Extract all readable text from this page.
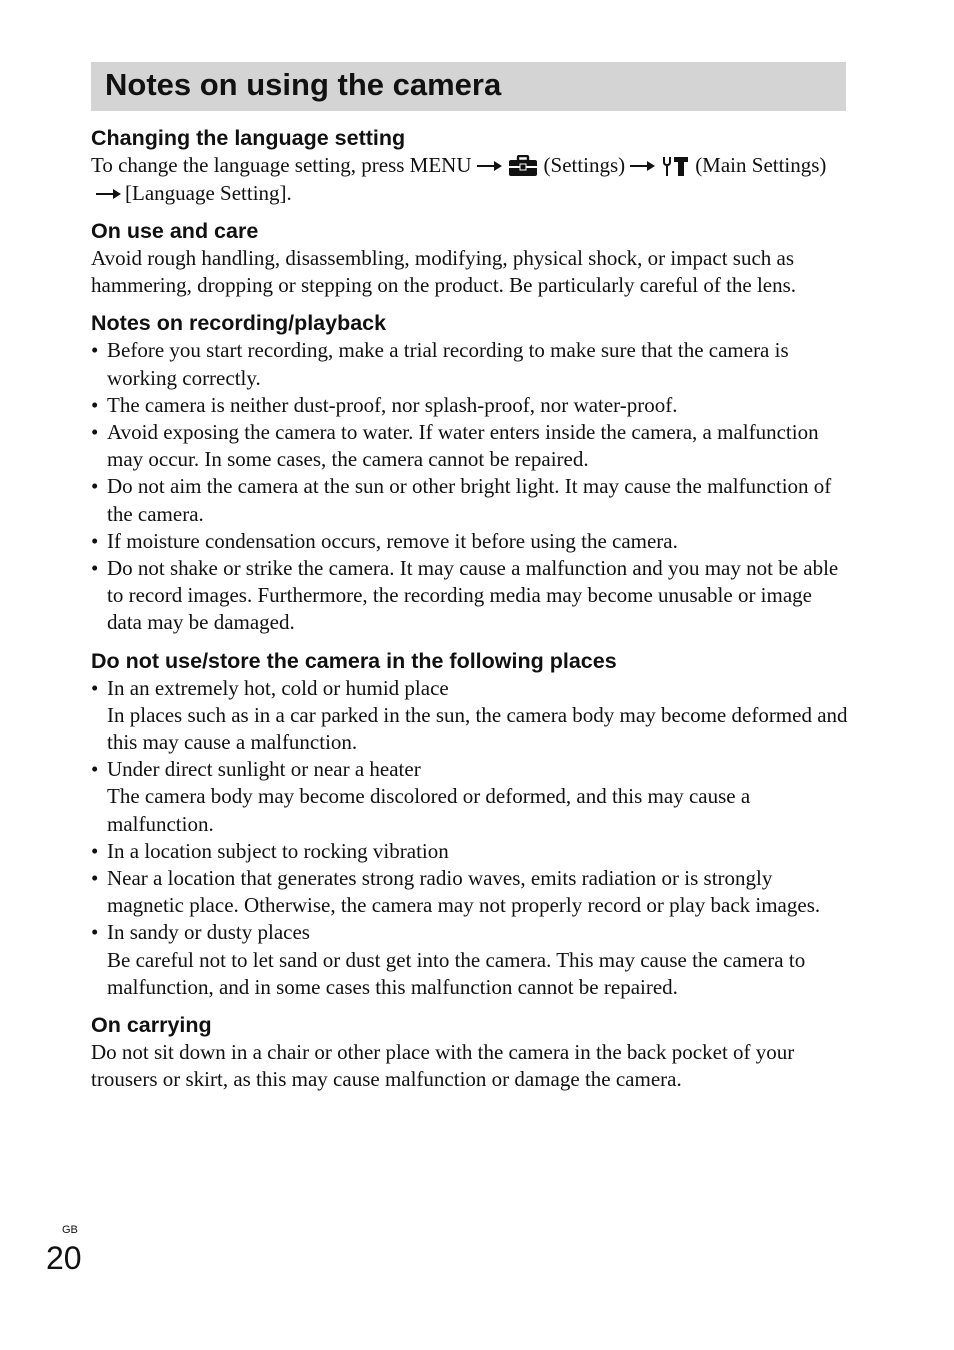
Notes on using the camera
Changing the language setting

To change the language setting, press MENU	(Settings)	(Main Settings)[Language Setting].

On use and care

Avoid rough handling, disassembling, modifying, physical shock, or impact such as hammering, dropping or stepping on the product. Be particularly careful of the lens.

Notes on recording/playback
• Before you start recording, make a trial recording to make sure that the camera is working correctly.
• The camera is neither dust-proof, nor splash-proof, nor water-proof.
• Avoid exposing the camera to water. If water enters inside the camera, a malfunction may occur. In some cases, the camera cannot be repaired.
• Do not aim the camera at the sun or other bright light. It may cause the malfunction of the camera.
• If moisture condensation occurs, remove it before using the camera.
• Do not shake or strike the camera. It may cause a malfunction and you may not be able to record images. Furthermore, the recording media may become unusable or image data may be damaged.
Do not use/store the camera in the following places
• In an extremely hot, cold or humid place
In places such as in a car parked in the sun, the camera body may become deformed and this may cause a malfunction.
• Under direct sunlight or near a heater
The camera body may become discolored or deformed, and this may cause a malfunction.
• In a location subject to rocking vibration
• Near a location that generates strong radio waves, emits radiation or is strongly magnetic place. Otherwise, the camera may not properly record or play back images.
• In sandy or dusty places
Be careful not to let sand or dust get into the camera. This may cause the camera to malfunction, and in some cases this malfunction cannot be repaired.
On carrying

Do not sit down in a chair or other place with the camera in the back pocket of your trousers or skirt, as this may cause malfunction or damage the camera.

GB
20
